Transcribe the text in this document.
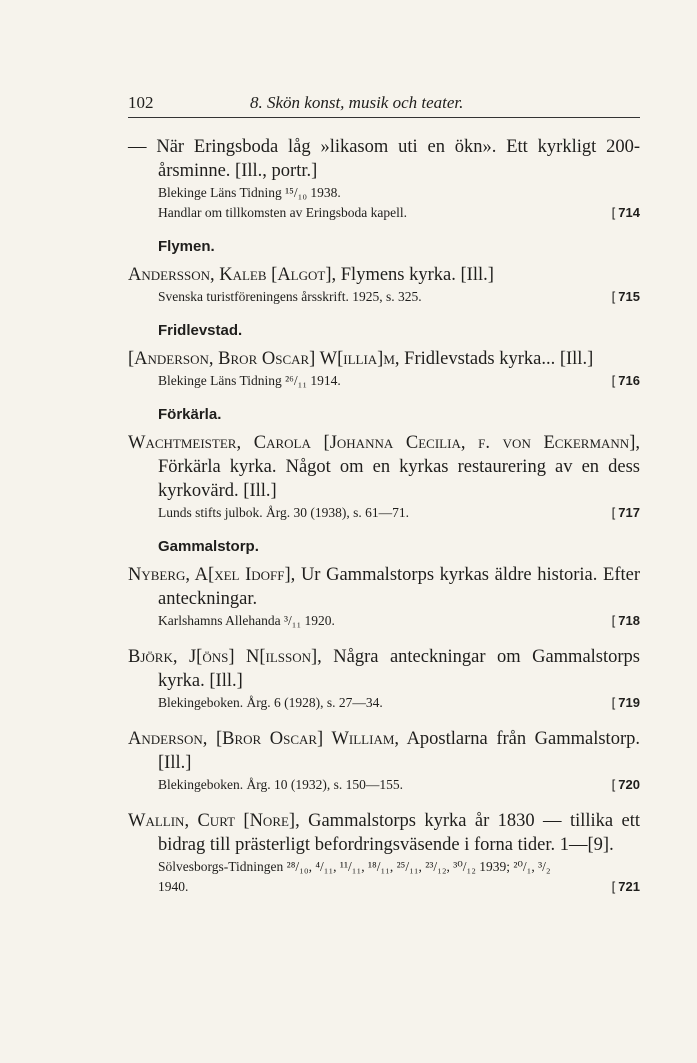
102	8. Skön konst, musik och teater.
— När Eringsboda låg »likasom uti en ökn». Ett kyrkligt 200-årsminne. [Ill., portr.]
Blekinge Läns Tidning ¹⁵/₁₀ 1938.
Handlar om tillkomsten av Eringsboda kapell.	[ 714
Flymen.
Andersson, Kaleb [Algot], Flymens kyrka. [Ill.]
Svenska turistföreningens årsskrift. 1925, s. 325.	[ 715
Fridlevstad.
[Anderson, Bror Oscar] W[illia]m, Fridlevstads kyrka... [Ill.]
Blekinge Läns Tidning ²⁶/₁₁ 1914.	[ 716
Förkärla.
Wachtmeister, Carola [Johanna Cecilia, f. von Eckermann], Förkärla kyrka. Något om en kyrkas restaurering av en dess kyrkovärd. [Ill.]
Lunds stifts julbok. Årg. 30 (1938), s. 61—71.	[ 717
Gammalstorp.
Nyberg, A[xel Idoff], Ur Gammalstorps kyrkas äldre historia. Efter anteckningar.
Karlshamns Allehanda ³/₁₁ 1920.	[ 718
Björk, J[öns] N[ilsson], Några anteckningar om Gammalstorps kyrka. [Ill.]
Blekingeboken. Årg. 6 (1928), s. 27—34.	[ 719
Anderson, [Bror Oscar] William, Apostlarna från Gammalstorp. [Ill.]
Blekingeboken. Årg. 10 (1932), s. 150—155.	[ 720
Wallin, Curt [Nore], Gammalstorps kyrka år 1830 — tillika ett bidrag till prästerligt befordringsväsende i forna tider. 1—[9].
Sölvesborgs-Tidningen ²⁸/₁₀, ⁴/₁₁, ¹¹/₁₁, ¹⁸/₁₁, ²⁵/₁₁, ²³/₁₂, ³⁰/₁₂ 1939; ²⁰/₁, ³/₂ 1940.	[ 721
